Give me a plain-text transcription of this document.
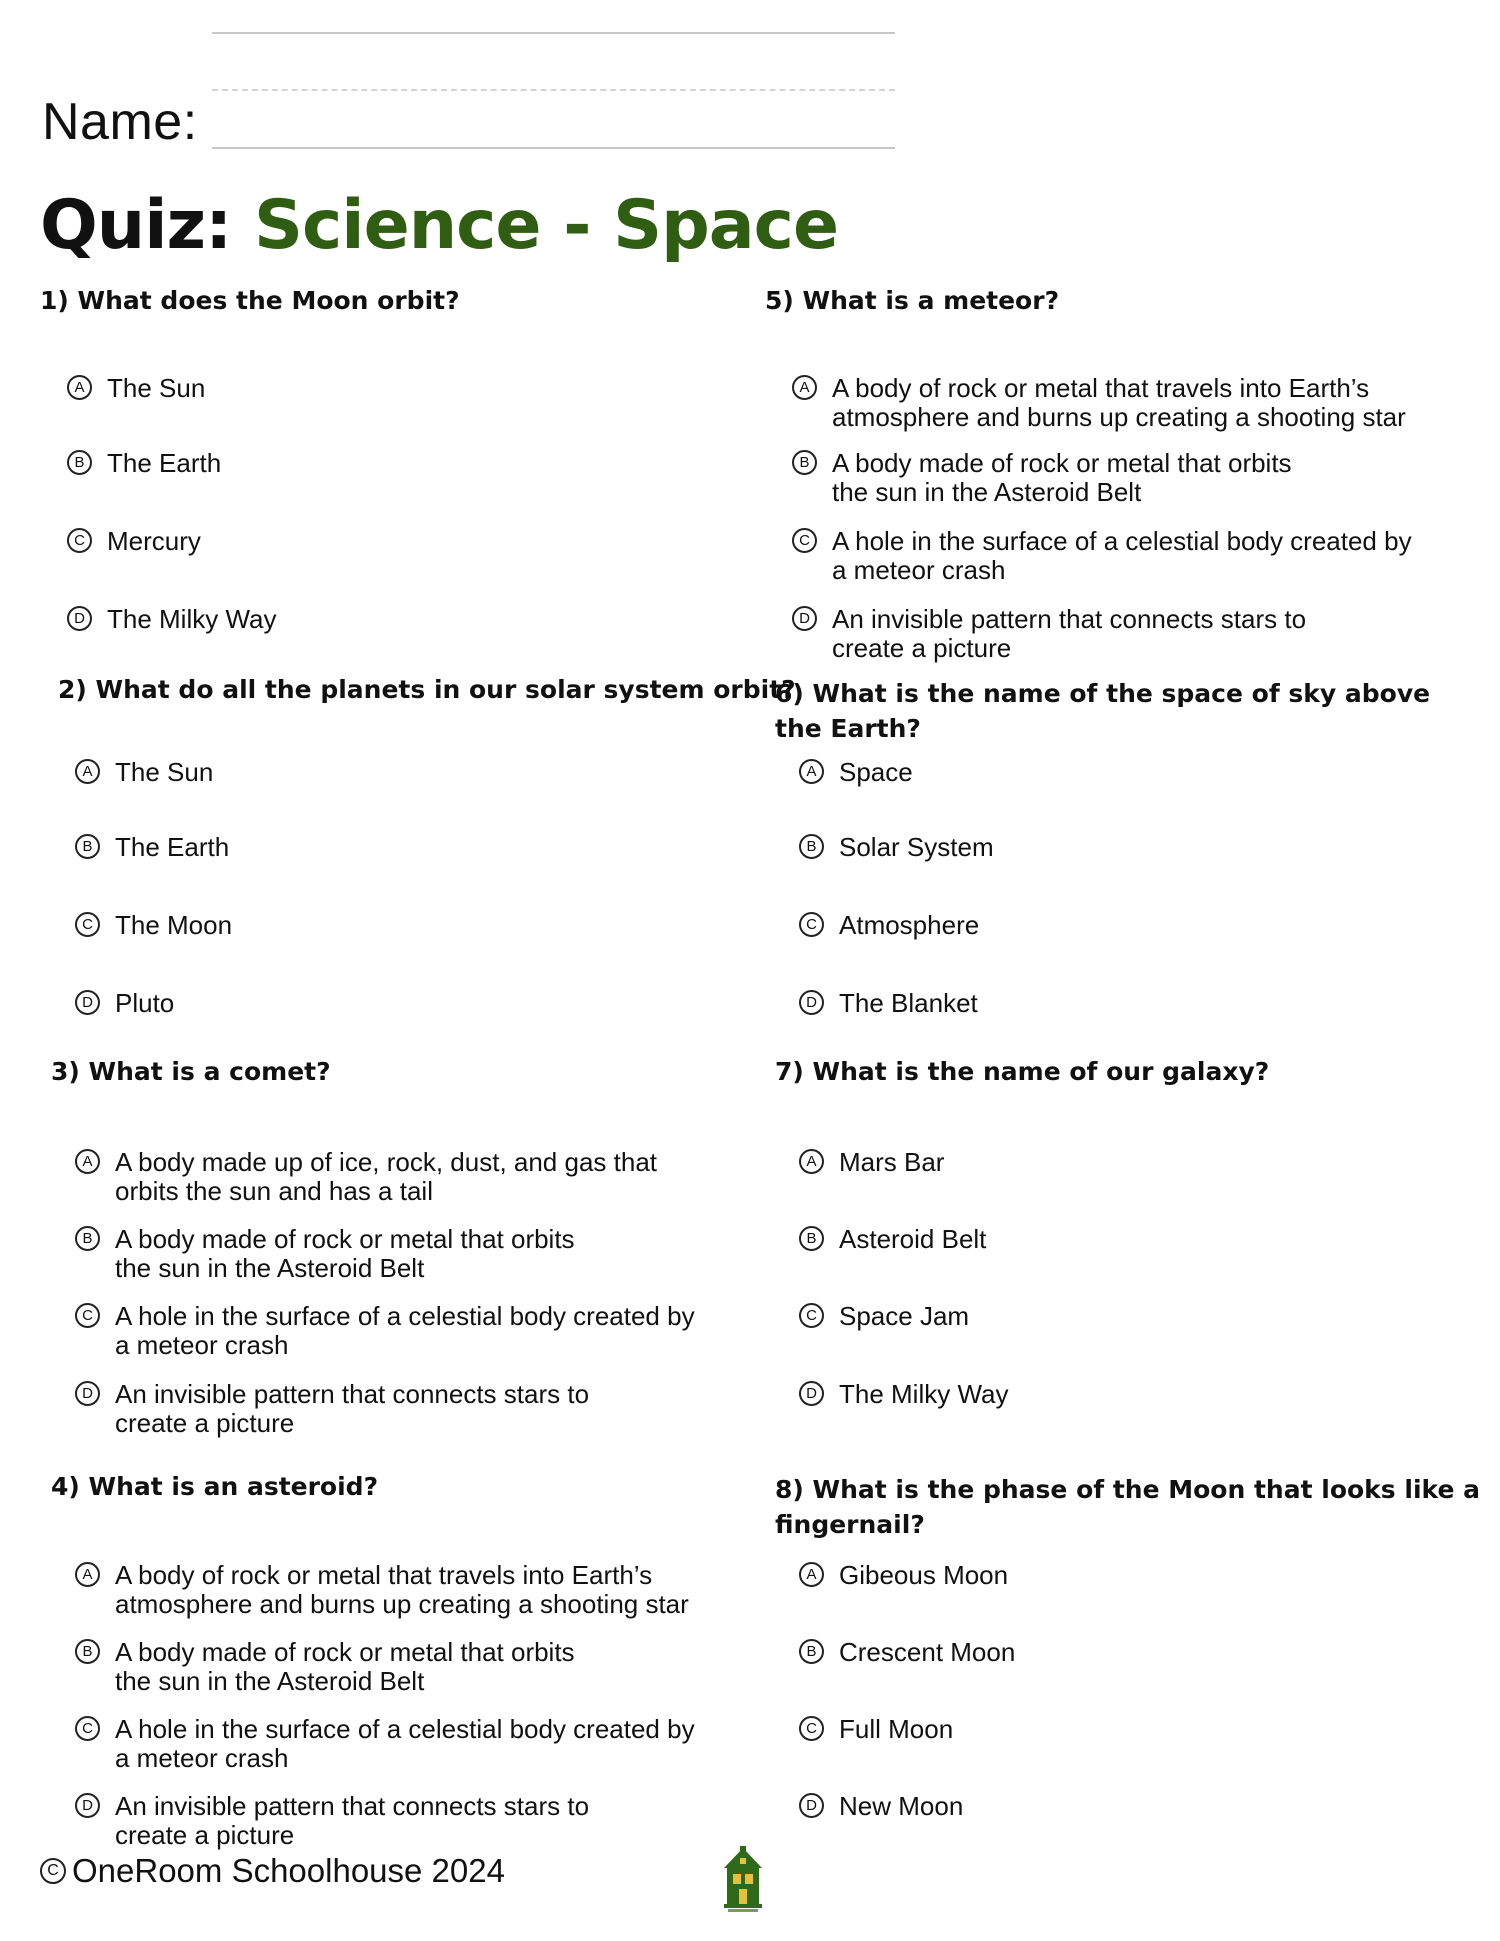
Name:
Quiz: Science - Space
1) What does the Moon orbit?
A The Sun
B The Earth
C Mercury
D The Milky Way
2) What do all the planets in our solar system orbit?
A The Sun
B The Earth
C The Moon
D Pluto
3) What is a comet?
A A body made up of ice, rock, dust, and gas that
orbits the sun and has a tail
B A body made of rock or metal that orbits
the sun in the Asteroid Belt
C A hole in the surface of a celestial body created by
a meteor crash
D An invisible pattern that connects stars to
create a picture
4) What is an asteroid?
A A body of rock or metal that travels into Earth’s
atmosphere and burns up creating a shooting star
B A body made of rock or metal that orbits
the sun in the Asteroid Belt
C A hole in the surface of a celestial body created by
a meteor crash
D An invisible pattern that connects stars to
create a picture
5) What is a meteor?
A A body of rock or metal that travels into Earth’s
atmosphere and burns up creating a shooting star
B A body made of rock or metal that orbits
the sun in the Asteroid Belt
C A hole in the surface of a celestial body created by
a meteor crash
D An invisible pattern that connects stars to
create a picture
6) What is the name of the space of sky above
the Earth?
A Space
B Solar System
C Atmosphere
D The Blanket
7) What is the name of our galaxy?
A Mars Bar
B Asteroid Belt
C Space Jam
D The Milky Way
8) What is the phase of the Moon that looks like a
fingernail?
A Gibeous Moon
B Crescent Moon
C Full Moon
D New Moon
C OneRoom Schoolhouse 2024
